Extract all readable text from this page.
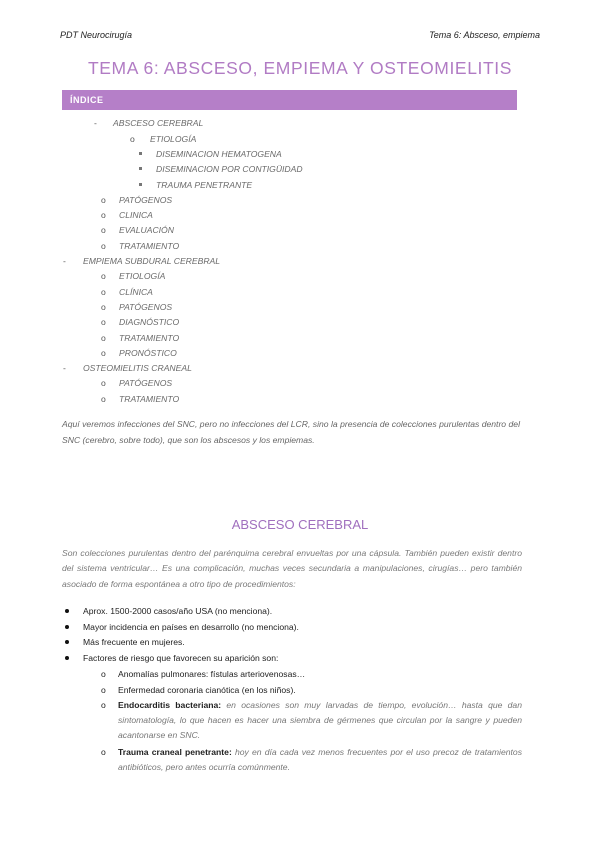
PDT Neurocirugía	Tema 6: Absceso, empiema
TEMA 6: ABSCESO, EMPIEMA Y OSTEOMIELITIS
ÍNDICE
- ABSCESO CEREBRAL
o ETIOLOGÍA
DISEMINACION HEMATOGENA
DISEMINACION POR CONTIGÜIDAD
TRAUMA PENETRANTE
o PATÓGENOS
o CLINICA
o EVALUACIÓN
o TRATAMIENTO
- EMPIEMA SUBDURAL CEREBRAL
o ETIOLOGÍA
o CLÍNICA
o PATÓGENOS
o DIAGNÓSTICO
o TRATAMIENTO
o PRONÓSTICO
- OSTEOMIELITIS CRANEAL
o PATÓGENOS
o TRATAMIENTO
Aquí veremos infecciones del SNC, pero no infecciones del LCR, sino la presencia de colecciones purulentas dentro del SNC (cerebro, sobre todo), que son los abscesos y los empiemas.
ABSCESO CEREBRAL
Son colecciones purulentas dentro del parénquima cerebral envueltas por una cápsula. También pueden existir dentro del sistema ventricular… Es una complicación, muchas veces secundaria a manipulaciones, cirugías… pero también asociado de forma espontánea a otro tipo de procedimientos:
Aprox. 1500-2000 casos/año USA (no menciona).
Mayor incidencia en países en desarrollo (no menciona).
Más frecuente en mujeres.
Factores de riesgo que favorecen su aparición son:
o Anomalías pulmonares: fístulas arteriovenosas…
o Enfermedad coronaria cianótica (en los niños).
o Endocarditis bacteriana: en ocasiones son muy larvadas de tiempo, evolución… hasta que dan sintomatología, lo que hacen es hacer una siembra de gérmenes que circulan por la sangre y pueden acantonarse en SNC.
o Trauma craneal penetrante: hoy en día cada vez menos frecuentes por el uso precoz de tratamientos antibióticos, pero antes ocurría comúnmente.
